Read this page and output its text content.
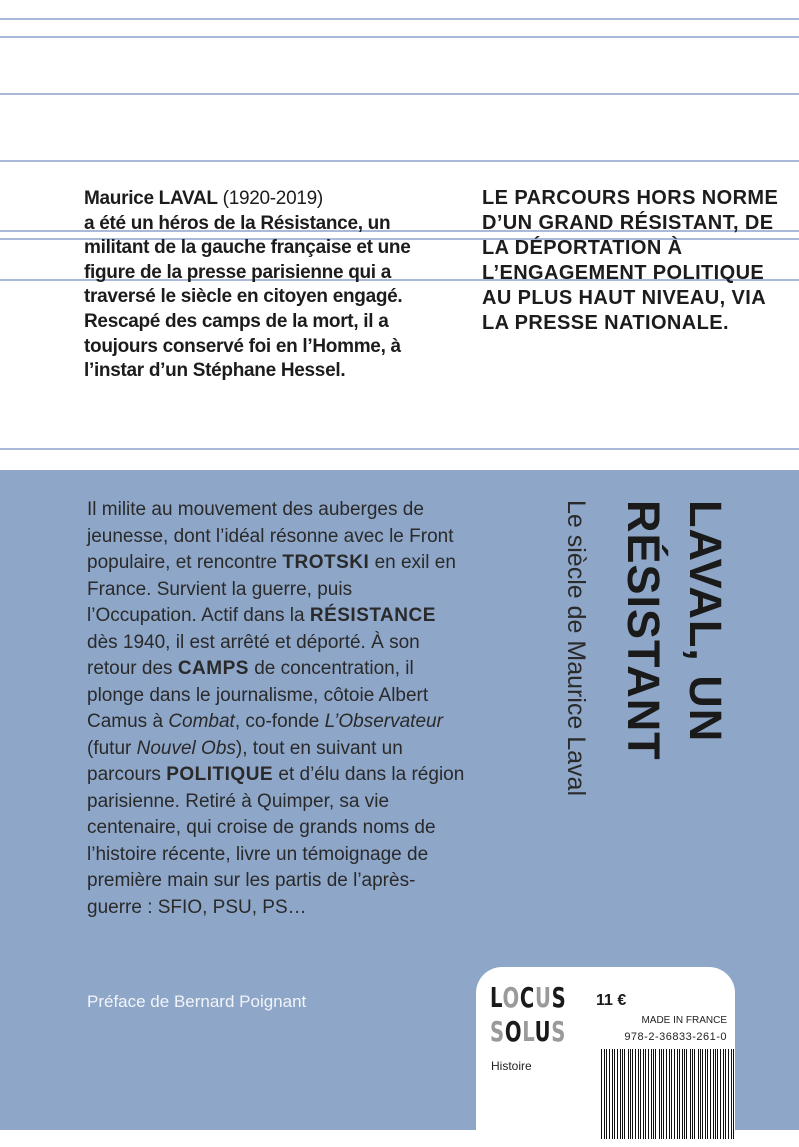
Maurice LAVAL (1920-2019)
a été un héros de la Résistance, un militant de la gauche française et une figure de la presse parisienne qui a traversé le siècle en citoyen engagé. Rescapé des camps de la mort, il a toujours conservé foi en l’Homme, à l’instar d’un Stéphane Hessel.
LE PARCOURS HORS NORME D’UN GRAND RÉSISTANT, DE LA DÉPORTATION À L’ENGAGEMENT POLITIQUE AU PLUS HAUT NIVEAU, VIA LA PRESSE NATIONALE.
Il milite au mouvement des auberges de jeunesse, dont l’idéal résonne avec le Front populaire, et rencontre TROTSKI en exil en France. Survient la guerre, puis l’Occupation. Actif dans la RÉSISTANCE dès 1940, il est arrêté et déporté. À son retour des CAMPS de concentration, il plonge dans le journalisme, côtoie Albert Camus à Combat, co-fonde L’Observateur (futur Nouvel Obs), tout en suivant un parcours POLITIQUE et d’élu dans la région parisienne. Retiré à Quimper, sa vie centenaire, qui croise de grands noms de l’histoire récente, livre un témoignage de première main sur les partis de l’après-guerre : SFIO, PSU, PS…
Préface de Bernard Poignant
LAVAL, UN RÉSISTANT
Le siècle de Maurice Laval
LOCUS
SOLUS
Histoire
11 €
MADE IN FRANCE
978-2-36833-261-0
